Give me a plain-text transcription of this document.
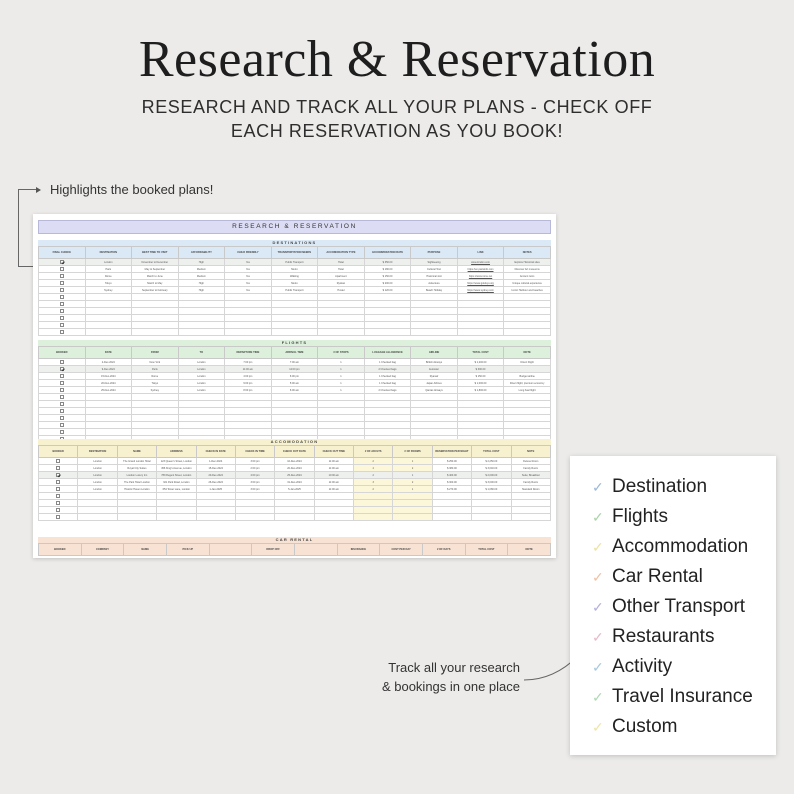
Research & Reservation
RESEARCH AND TRACK ALL YOUR PLANS - CHECK OFF
EACH RESERVATION AS YOU BOOK!
Highlights the booked plans!
RESEARCH & RESERVATION
DESTINATIONS
FINAL CHOICE	DESTINATION	BEST TIME TO VISIT	AFFORDABILITY	CHILD FRIENDLY	TRANSPORTATION NEEDS	ACCOMODATION TYPE	ACCOMMODATION RATE	PURPOSE	LINK	NOTES
	London	November to December	High	Yes	Public Transport	Hotel	$ 350.00	Sightseeing	www.london.com	Explore Historical sites
	Paris	May to September	Medium	Yes	Metro	Hotel	$ 180.00	Cultural Tour	https://en.parisinfo.com	Discover Art museums
	Rome	March to June	Medium	Yes	Walking	Apartment	$ 150.00	Historical visit	https://www.rome.net	Ancient ruins
	Tokyo	March to May	High	Yes	Metro	Ryokan	$ 200.00	Adventure	https://www.gotokyo.org	Unique cultural experience
	Sydney	September to February	High	Yes	Public Transport	Hostel	$ 120.00	Beach Holiday	https://www.sydney.com	Iconic Harbour and beaches

FLIGHTS
BOOKED	DATE	FROM	TO	DEPARTURE TIME	ARRIVAL TIME	# OF STOPS	LUGGAGE ALLOWANCE	AIRLINE	TOTAL COST	NOTE
	2-Dec-2024	New York	London	7:00 pm	7:00 am	1	1 Checked bag	British Airways	$ 1,200.00	Direct Flight
	9-Dec-2024	Paris	London	11:00 am	12:00 pm	1	2 Checked bags	Eurostar	$ 300.00	
	15-Dec-2024	Rome	London	4:00 pm	6:00 pm	1	1 Checked bag	Ryanair	$ 150.00	Budget airline
	20-Dec-2024	Tokyo	London	9:00 pm	5:00 am	1	1 Checked bag	Japan Airlines	$ 1,000.00	Direct flight; premium economy
	25-Dec-2024	Sydney	London	8:00 pm	6:00 am	1	2 Checked bags	Qantas Airways	$ 1,800.00	Long haul flight

ACCOMODATION
BOOKED	DESTINATION	NAME	ADDRESS	CHECK IN DATE	CHECK IN TIME	CHECK OUT DATE	CHECK OUT TIME	# OF ADULTS	# OF ROOMS	RESERVATION PER NIGHT	TOTAL COST	NOTE
	London	The Grand London Hotel	123 Queen's Street, London	1-Dec-2024	3:00 pm	10-Dec-2024	11:00 am	2	1	$ 250.00	$ 2,250.00	Deluxe Room
	London	Royal City Suites	456 King's Avenue, London	15-Dec-2024	2:00 pm	20-Dec-2024	11:00 am	4	2	$ 380.00	$ 3,040.00	Family Room
	London	London Luxury Inn	789 Regent Street, London	20-Dec-2024	4:00 pm	25-Dec-2024	10:00 am	2	1	$ 400.00	$ 2,000.00	Suite; Breakfast
	London	The Park Hotel London	321 Park Road, London	26-Dec-2024	3:00 pm	31-Dec-2024	11:00 am	3	2	$ 300.00	$ 3,000.00	Family Room
	London	Historic Haven London	654 Tower Lane, London	1-Jan-2025	3:00 pm	5-Jan-2025	11:00 am	2	1	$ 270.00	$ 1,080.00	Standard Room

CAR RENTAL
BOOKED	COMPANY	NAME	PICK UP		DROP OFF		INSURANCE	COST PER DAY	# OF DAYS	TOTAL COST	NOTE
Track all your research
& bookings in one place
✓ Destination
✓ Flights
✓ Accommodation
✓ Car Rental
✓ Other Transport
✓ Restaurants
✓ Activity
✓ Travel Insurance
✓ Custom
